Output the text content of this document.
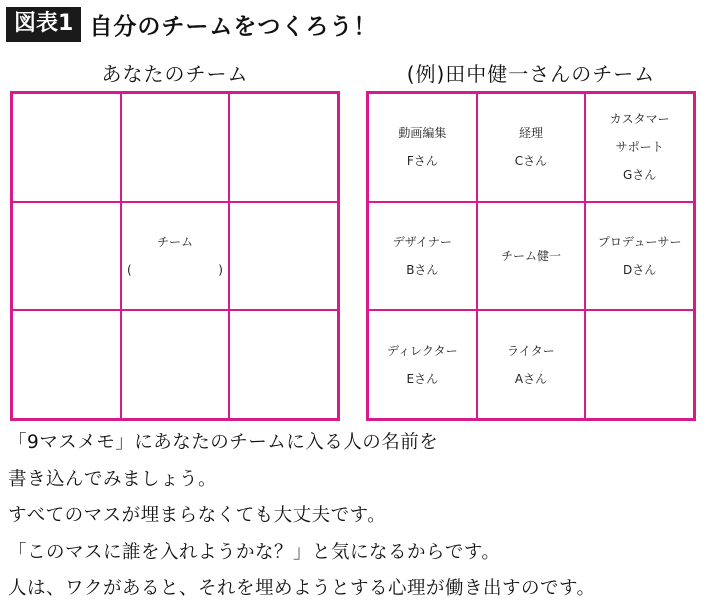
図表1 自分のチームをつくろう！
あなたのチーム
チーム
(	)
(例)田中健一さんのチーム
動画編集
Fさん
経理
Cさん
カスタマー
サポート
Gさん
デザイナー
Bさん
チーム健一
プロデューサー
Dさん
ディレクター
Eさん
ライター
Aさん
「9マスメモ」にあなたのチームに入る人の名前を
書き込んでみましょう。
すべてのマスが埋まらなくても大丈夫です。
「このマスに誰を入れようかな？」と気になるからです。
人は、ワクがあると、それを埋めようとする心理が働き出すのです。
